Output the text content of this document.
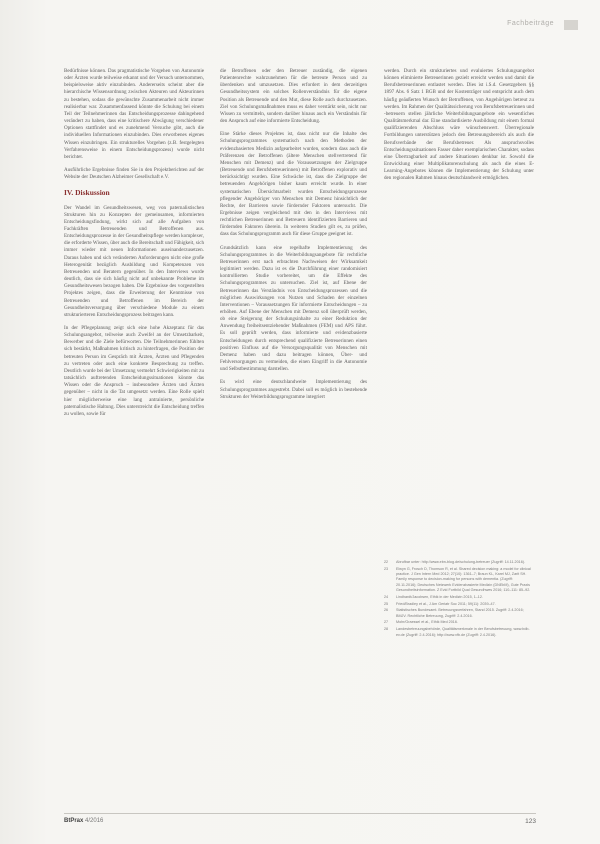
Fachbeiträge

Bedürfnisse können. Das pragmatistische Vorgehen von Autonomie oder Ärzten wurde teilweise erkannt und der Versuch unternommen, beispielsweise aktiv einzubinden. Andererseits scheint aber die hierarchische Wissensordnung zwischen Akteuren und Akteurinnen zu bestehen, sodass die gewünschte Zusammenarbeit nicht immer realisierbar war. Zusammenfassend könnte die Schulung bei einem Teil der Teilnehmerinnen das Entscheidungsprozesse dahingehend verändert zu haben, dass eine kritischere Abwägung verschiedener Optionen stattfindet und es zunehmend Versuche gibt, auch die individuellen Informationen einzubinden. Dies erworbenes eigenes Wissen einzubringen. Ein strukturelles Vorgehen (z.B. festgelegten Verfahrensweise in einem Entscheidungsprozess) wurde nicht berichtet.

Ausführliche Ergebnisse finden Sie in den Projektberichten auf der Website der Deutschen Alzheimer Gesellschaft e.V.

IV. Diskussion

Der Wandel im Gesundheitswesen, weg von paternalistischen Strukturen hin zu Konzepten der gemeinsamen, informierten Entscheidungsfindung, wirkt sich auf alle Aufgaben von Fachkräften Betreuenden und Betroffenen aus. Entscheidungsprozesse in der Gesundheitspflege werden komplexer, die erforderte Wissen, über auch die Bereitschaft und Fähigkeit, sich immer wieder mit neuen Informationen auseinanderzusetzen. Daraus haben und sich veränderten Anforderungen nicht eine große Heterogenität bezüglich Ausbildung und Kompetenzen von Betreuenden und Beratern gegenüber. In den Interviews wurde deutlich, dass sie sich häufig nicht auf unbekannte Probleme im Gesundheitswesen bezogen haben. Die Ergebnisse des vorgestellten Projektes zeigen, dass die Erweiterung der Kenntnisse von Betreuenden und Betroffenen im Bereich der Gesundheitsversorgung über verschiedene Module zu einem strukturierteren Entscheidungsprozess beitragen kann.

In der Pflegeplanung zeigt sich eine hohe Akzeptanz für das Schulungsangebot, teilweise auch Zweifel an der Umsetzbarkeit, Bewerber und die Ziele befürworten. Die Teilnehmerinnen fühlten sich bestärkt, Maßnahmen kritisch zu hinterfragen, die Position der betreuten Person im Gespräch mit Ärzten, Ärzten und Pflegenden zu vertreten oder auch eine konkrete Besprechung zu treffen. Deutlich wurde bei der Umsetzung vermehrt Schwierigkeiten mit zu tatsächlich auftretenden Entscheidungssituationen könnte das Wissen oder die Anspruch – insbesondere Ärzten und Ärzten gegenüber – nicht in die Tat umgesetzt werden. Eine Rolle spielt hier möglicherweise eine lang antrainierte, persönliche paternalistische Haltung. Dies unterstreicht die Entscheidung treffen zu wollen, sowie für

die Betroffenen oder den Betreuer zuständig, die eigenen Patientenrechte wahrzunehmen für die betreute Person und zu überdenken und umzusetzen. Dies erfordert in dem derzeitigen Gesundheitssystem ein solches Rollenverständnis für die eigene Position als Betreuende und den Mut, diese Rolle auch durchzusetzen. Ziel von Schulungsmaßnahmen muss es daher verstärkt sein, nicht nur Wissen zu vermitteln, sondern darüber hinaus auch ein Verständnis für den Anspruch auf eine informierte Entscheidung.

Eine Stärke dieses Projektes ist, dass nicht nur die Inhalte des Schulungsprogrammes systematisch nach den Methoden der evidenzbasierten Medizin aufgearbeitet wurden, sondern dass auch die Präferenzen der Betroffenen (ältere Menschen stellvertretend für Menschen mit Demenz) und die Voraussetzungen der Zielgruppe (Betreuende und Berufsbetreuerinnen) mit Betroffenen explorativ und berücksichtigt wurden. Eine Schwäche ist, dass die Zielgruppe der betreuenden Angehörigen bisher kaum erreicht wurde. In einer systematischen Übersichtsarbeit wurden Entscheidungsprozesse pflegender Angehöriger von Menschen mit Demenz hinsichtlich der Rechte, der Barrieren sowie fördernder Faktoren untersucht. Die Ergebnisse zeigen vergleichend mit den in den Interviews mit rechtlichen Betreuerinnen und Betreuern identifizierten Barrieren und fördernden Faktoren überein. In weiteren Studien gilt es, zu prüfen, dass das Schulungsprogramm auch für diese Gruppe geeignet ist.

Grundsätzlich kann eine regelhafte Implementierung des Schulungsprogrammes in die Weiterbildungsangebote für rechtliche Betreuerinnen erst nach erbrachten Nachweisen der Wirksamkeit legitimiert werden. Dazu ist es die Durchführung einer randomisiert kontrollierten Studie vorbereitet, um die Effekte des Schulungsprogrammes zu untersuchen. Ziel ist, auf Ebene der Betreuerinnen das Verständnis von Entscheidungsprozessen und die möglichen Auswirkungen von Nutzen und Schaden der einzelnen Interventionen – Voraussetzungen für informierte Entscheidungen – zu erhöhen. Auf Ebene der Menschen mit Demenz soll überprüft werden, ob eine Steigerung der Schulungsinhalte zu einer Reduktion der Anwendung freiheitsentziehender Maßnahmen (FEM) und APS führt. Es soll geprüft werden, dass informierte und evidenzbasierte Entscheidungen durch entsprechend qualifizierte Betreuerinnen einen positiven Einfluss auf die Versorgungsqualität von Menschen mit Demenz haben und dazu beitragen können, Über- und Fehlversorgungen zu vermeiden, die einen Eingriff in die Autonomie und Selbstbestimmung darstellen.

Es wird eine deutschlandweite Implementierung des Schulungsprogrammes angestrebt. Dabei soll es möglich in bestehende Strukturen der Weiterbildungsprogramme integriert

werden. Durch ein strukturiertes und evaluiertes Schulungsangebot können eliminierte Betreuerinnen gezielt erreicht werden und damit die Berufsbetreuerinnen entlastet werden. Dies ist i.S.d. Gesetzgebers §§ 1897 Abs. 6 Satz 1 BGB und der Kostenträger und entspricht auch dem häufig geäußerten Wunsch der Betroffenen, von Angehörigen betreut zu werden. Im Rahmen der Qualitätssicherung von Berufsbetreuerinnen und -betreuern stellen jährliche Weiterbildungsangebote ein wesentliches Qualitätsmerkmal dar. Eine standardisierte Ausbildung mit einem formal qualifizierenden Abschluss wäre wünschenswert. Überregionale Fortbildungen unterstützen jedoch den Betreuungsbereich als auch die Berufsverbände der Berufsbetreuer. Als anspruchsvolles Entscheidungssituationen Fasser daher exemplarischen Charakter, sodass eine Übertragbarkeit auf andere Situationen denkbar ist. Sowohl die Entwicklung einer Multiplikatorenschulung als auch die eines E-Learning-Angebotes können die Implementierung der Schulung unter den regionalen Rahmen hinaus deutschlandweit ermöglichen.

22	Abrufbar unter: http://www.ebn-blog.de/schulung-betreuer (Zugriff: 14.11.2016).
23	Elwyn G, Frosch D, Thomson R, et al. Shared decision making: a model for clinical practice. J Gen Intern Med 2012; 27(10): 1361–7; Braun KL, Karel MJ, Zarit SH. Family response to decision-making for persons with dementia. (Zugriff: 20.11.2016); Deutsches Netzwerk Evidenzbasierte Medizin (DNEbM), Gute Praxis Gesundheitsinformation. Z Evid Fortbild Qual Gesundhwes 2016; 110–111: 85–92.
24	Lindhardt/Jacobsen, Ethik in der Medizin 2015, 1–12.
25	Fried/Bradley et al., J Am Geriatr Soc 2011; 59(11): 2039–47.
26	Statistisches Bundesamt. Betreuungsverfahren, Stand 2015. Zugriff: 2.4.2016; BMJV. Rechtliche Betreuung, Zugriff: 2.4.2016.
27	Mohr/Graessel et al., Ethik Med 2016.
28	Landesbetreuungsbehörde, Qualitätsmerkmale in der Berufsbetreuung, www.bdb-ev.de (Zugriff: 2.4.2016); http://www.vfb.de (Zugriff: 2.4.2016).
BtPrax 4/2016	123
